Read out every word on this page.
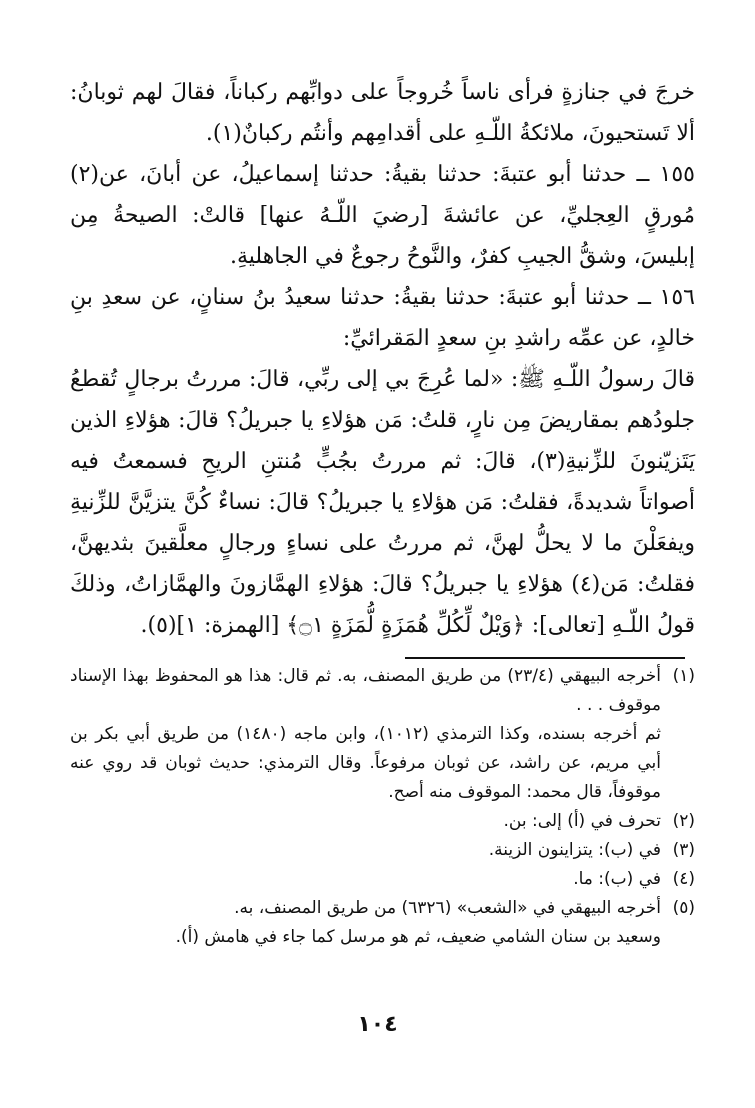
خرجَ في جنازةٍ فرأى ناساً خُروجاً على دوابِّهم ركباناً، فقالَ لهم ثوبانُ: ألا تَستحيونَ، ملائكةُ اللّـهِ على أقدامِهم وأنتُم ركبانٌ(١).

١٥٥ ــ حدثنا أبو عتبةَ: حدثنا بقيةُ: حدثنا إسماعيلُ، عن أبانَ، عن(٢) مُورقٍ العِجليِّ، عن عائشةَ [رضيَ اللّـهُ عنها] قالتْ: الصيحةُ مِن إبليسَ، وشقُّ الجيبِ كفرٌ، والنَّوحُ رجوعٌ في الجاهليةِ.

١٥٦ ــ حدثنا أبو عتبةَ: حدثنا بقيةُ: حدثنا سعيدُ بنُ سنانٍ، عن سعدِ بنِ خالدٍ، عن عمِّه راشدِ بنِ سعدٍ المَقرائيِّ:

قالَ رسولُ اللّـهِ ﷺ: «لما عُرِجَ بي إلى ربِّي، قالَ: مررتُ برجالٍ تُقطعُ جلودُهم بمقاريضَ مِن نارٍ، قلتُ: مَن هؤلاءِ يا جبريلُ؟ قالَ: هؤلاءِ الذين يَتَزيّنونَ للزِّنيةِ(٣)، قالَ: ثم مررتُ بجُبٍّ مُنتنِ الريحِ فسمعتُ فيه أصواتاً شديدةً، فقلتُ: مَن هؤلاءِ يا جبريلُ؟ قالَ: نساءٌ كُنَّ يتزيَّنَّ للزِّنيةِ ويفعَلْنَ ما لا يحلُّ لهنَّ، ثم مررتُ على نساءٍ ورجالٍ معلَّقينَ بثديهنَّ، فقلتُ: مَن(٤) هؤلاءِ يا جبريلُ؟ قالَ: هؤلاءِ الهمَّازونَ والهمَّازاتُ، وذلكَ قولُ اللّـهِ [تعالى]: ﴿وَيْلٌ لِّكُلِّ هُمَزَةٍ لُّمَزَةٍ ۝١﴾ [الهمزة: ١](٥).

(١)
أخرجه البيهقي (٢٣/٤) من طريق المصنف، به. ثم قال: هذا هو المحفوظ بهذا الإسناد موقوف . . .
ثم أخرجه بسنده، وكذا الترمذي (١٠١٢)، وابن ماجه (١٤٨٠) من طريق أبي بكر بن أبي مريم، عن راشد، عن ثوبان مرفوعاً. وقال الترمذي: حديث ثوبان قد روي عنه موقوفاً، قال محمد: الموقوف منه أصح.
(٢)
تحرف في (أ) إلى: بن.
(٣)
في (ب): يتزاينون الزينة.
(٤)
في (ب): ما.
(٥)
أخرجه البيهقي في «الشعب» (٦٣٢٦) من طريق المصنف، به.
وسعيد بن سنان الشامي ضعيف، ثم هو مرسل كما جاء في هامش (أ).
١٠٤
